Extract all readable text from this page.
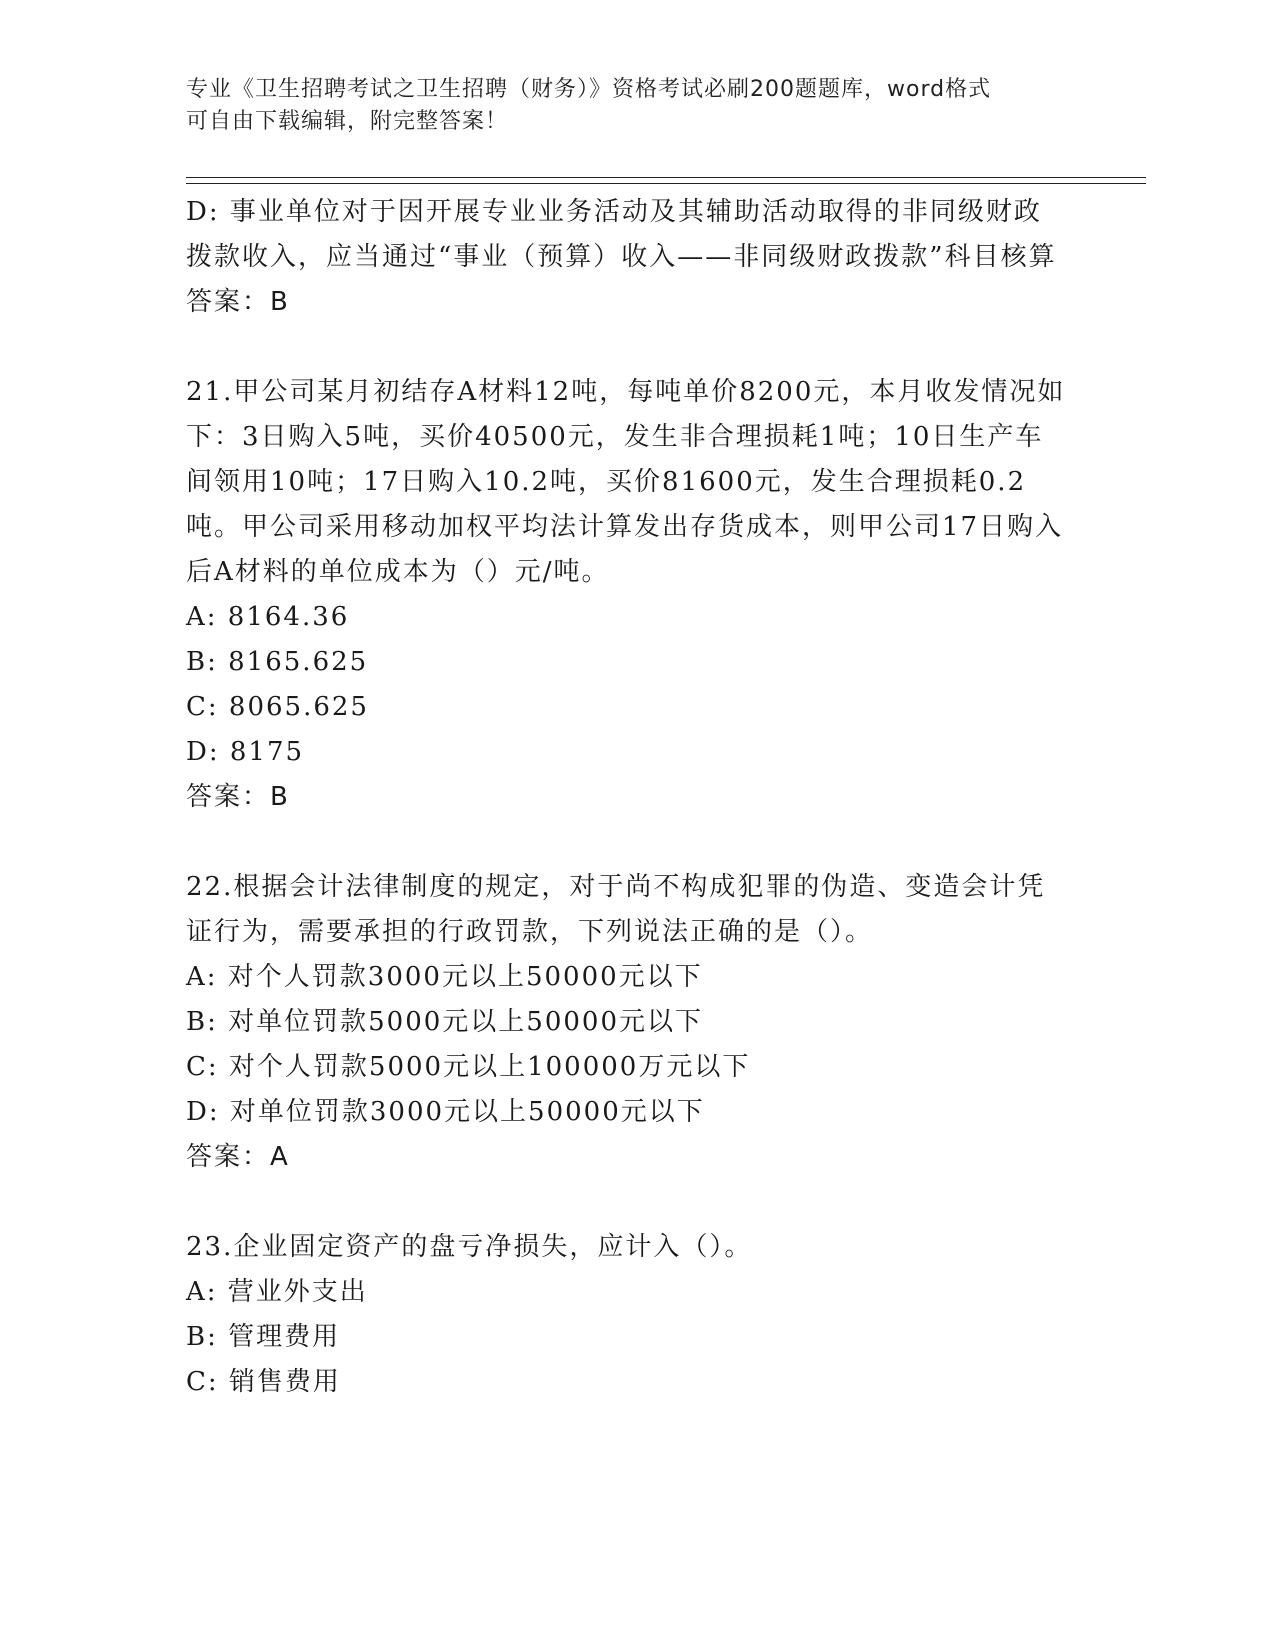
专业《卫生招聘考试之卫生招聘（财务）》资格考试必刷200题题库，word格式
可自由下载编辑，附完整答案！
D: 事业单位对于因开展专业业务活动及其辅助活动取得的非同级财政拨款收入，应当通过“事业（预算）收入——非同级财政拨款”科目核算
答案：B
21.甲公司某月初结存A材料12吨，每吨单价8200元，本月收发情况如下：3日购入5吨，买价40500元，发生非合理损耗1吨；10日生产车间领用10吨；17日购入10.2吨，买价81600元，发生合理损耗0.2吨。甲公司采用移动加权平均法计算发出存货成本，则甲公司17日购入后A材料的单位成本为（）元/吨。
A: 8164.36
B: 8165.625
C: 8065.625
D: 8175
答案：B
22.根据会计法律制度的规定，对于尚不构成犯罪的伪造、变造会计凭证行为，需要承担的行政罚款，下列说法正确的是（）。
A: 对个人罚款3000元以上50000元以下
B: 对单位罚款5000元以上50000元以下
C: 对个人罚款5000元以上100000万元以下
D: 对单位罚款3000元以上50000元以下
答案：A
23.企业固定资产的盘亏净损失，应计入（）。
A: 营业外支出
B: 管理费用
C: 销售费用
